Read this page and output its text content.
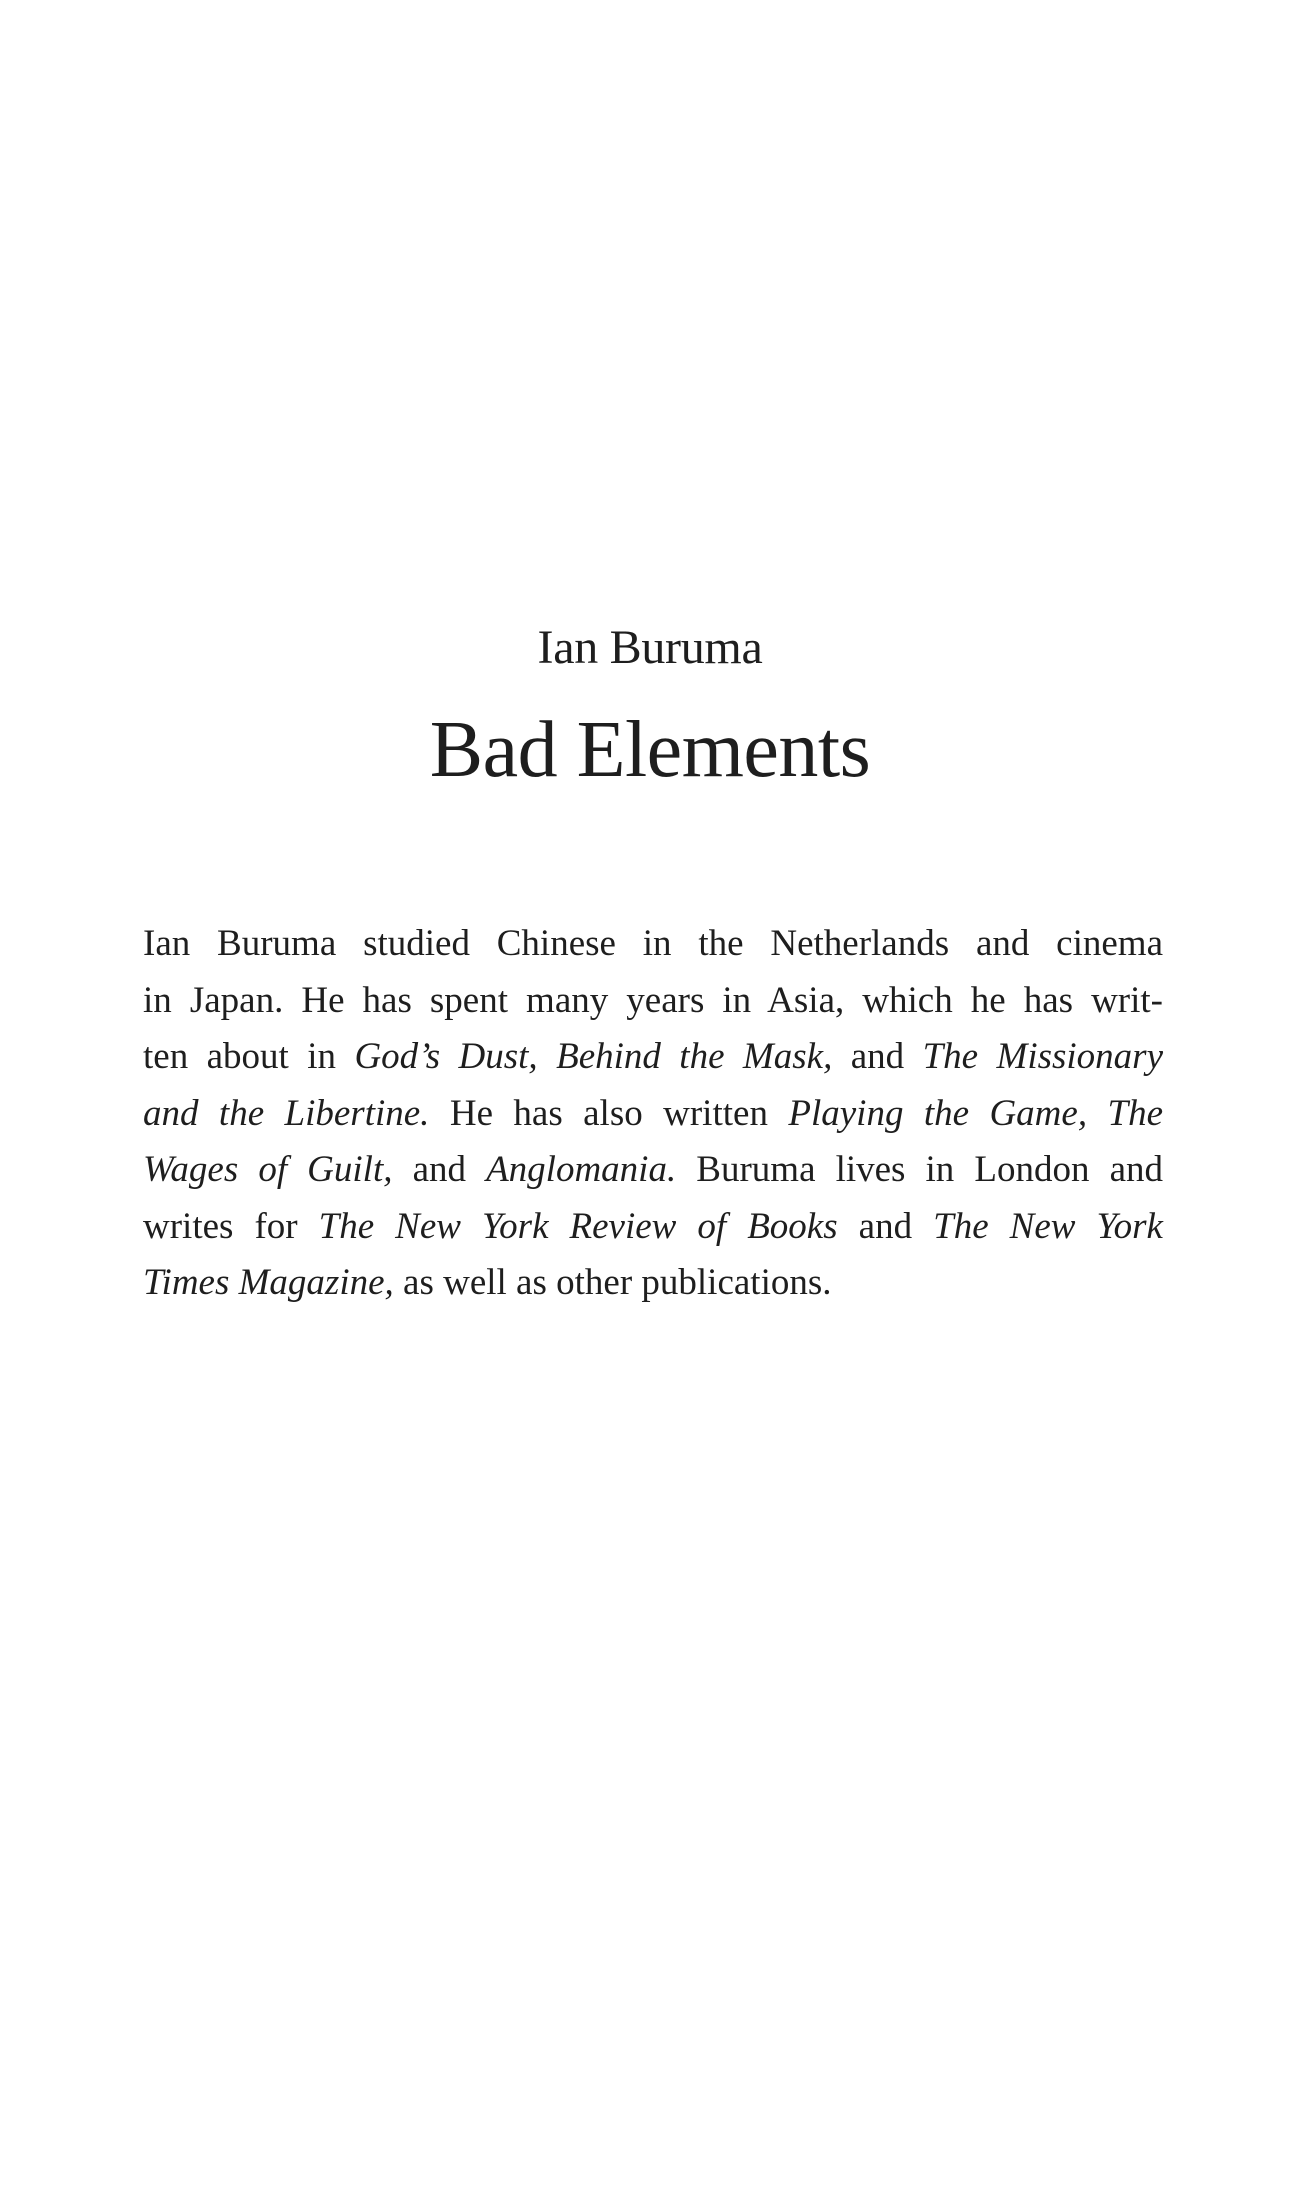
Ian Buruma
Bad Elements

Ian Buruma studied Chinese in the Netherlands and cinema
in Japan. He has spent many years in Asia, which he has writ-
ten about in God’s Dust, Behind the Mask, and The Missionary
and the Libertine. He has also written Playing the Game, The
Wages of Guilt, and Anglomania. Buruma lives in London and
writes for The New York Review of Books and The New York
Times Magazine, as well as other publications.
